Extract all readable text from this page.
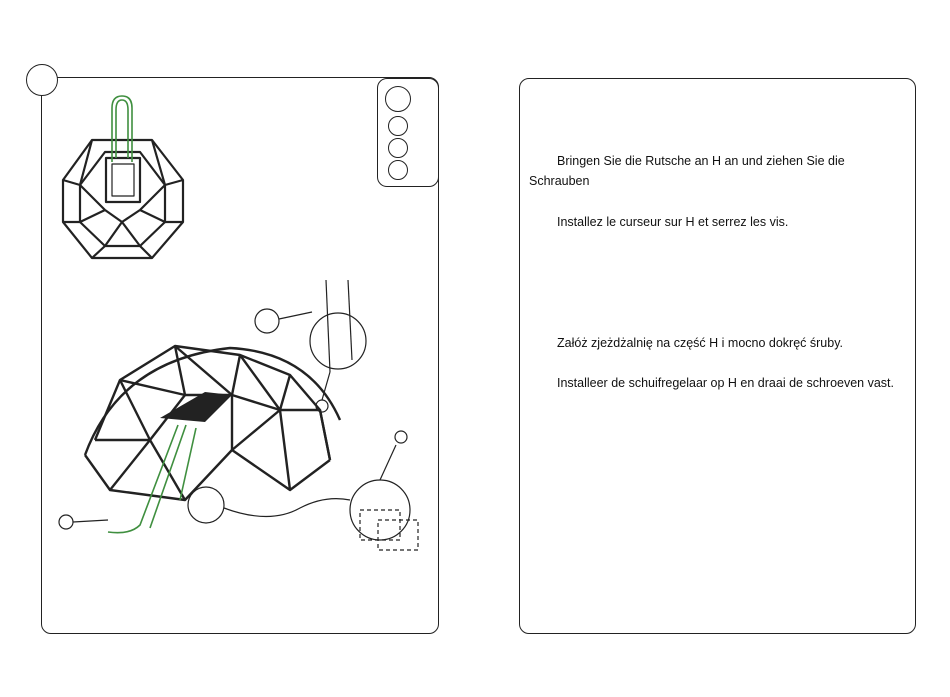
Bringen Sie die Rutsche an H an und ziehen Sie die Schrauben

Installez le curseur sur H et serrez les vis.

Załóż zjeżdżalnię na część H i mocno dokręć śruby.

Installeer de schuifregelaar op H en draai de schroeven vast.
